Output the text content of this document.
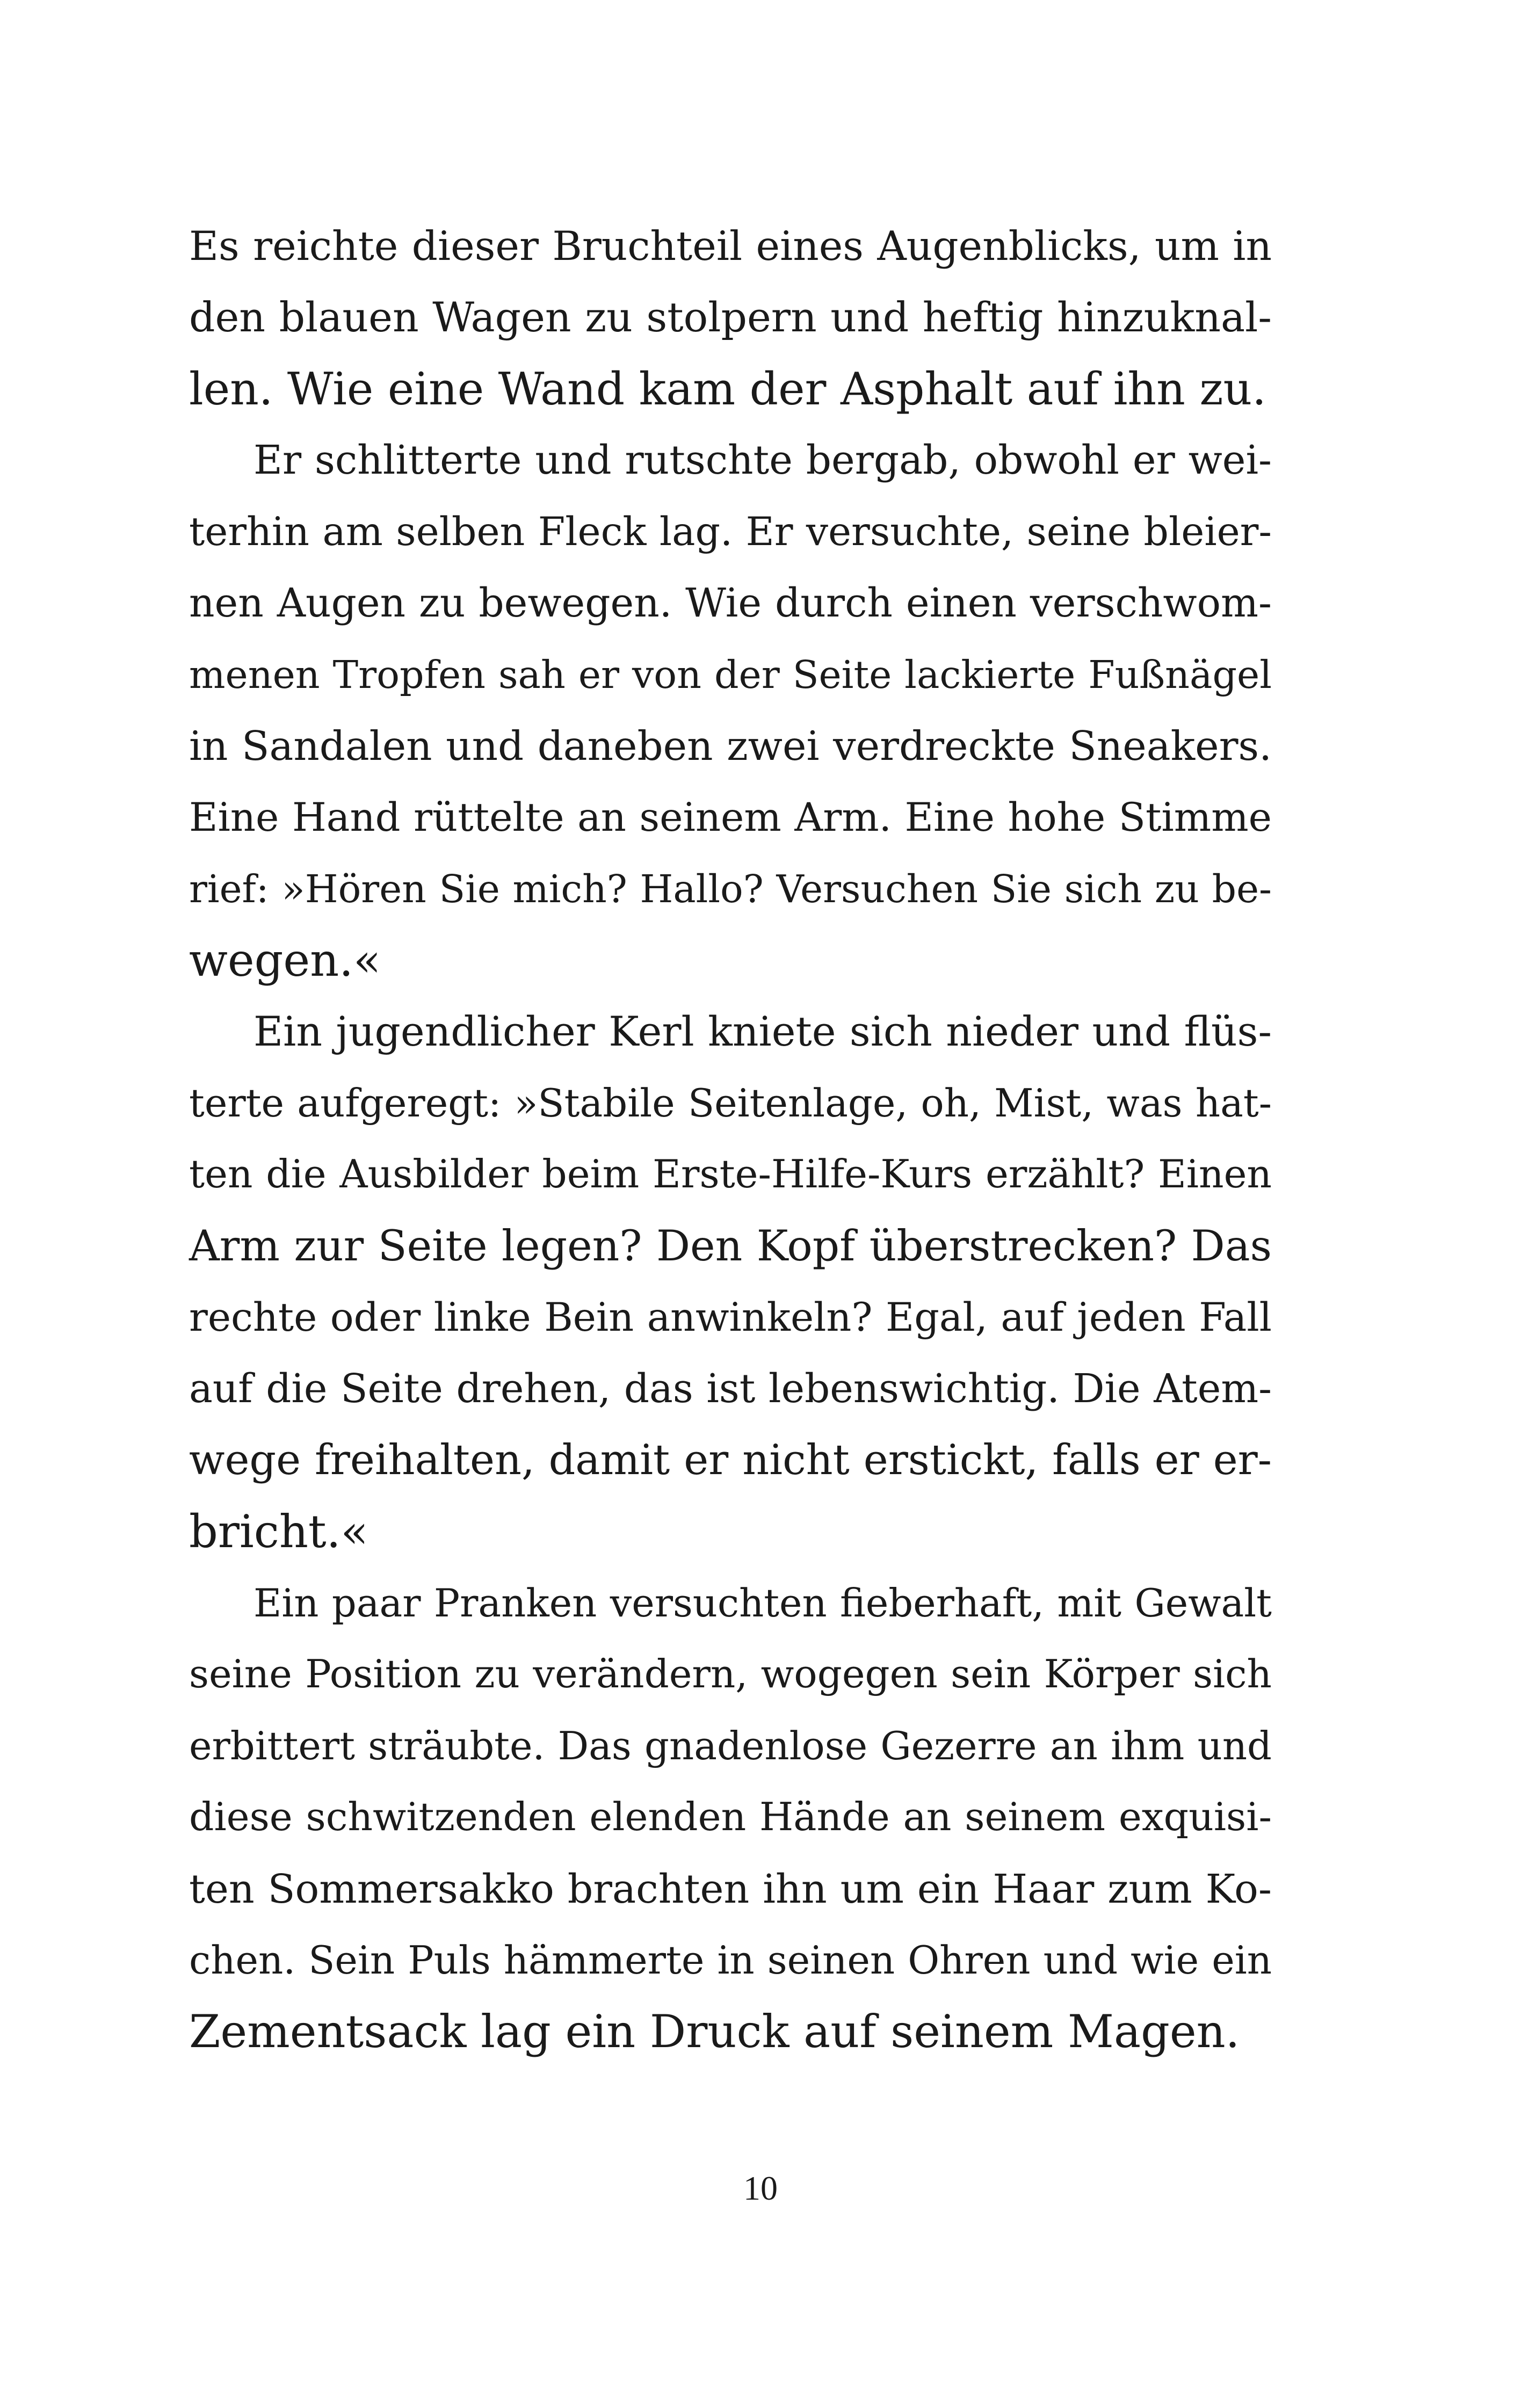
Es reichte dieser Bruchteil eines Augenblicks, um in
den blauen Wagen zu stolpern und heftig hinzuknal-
len. Wie eine Wand kam der Asphalt auf ihn zu.
Er schlitterte und rutschte bergab, obwohl er wei-
terhin am selben Fleck lag. Er versuchte, seine bleier-
nen Augen zu bewegen. Wie durch einen verschwom-
menen Tropfen sah er von der Seite lackierte Fußnägel
in Sandalen und daneben zwei verdreckte Sneakers.
Eine Hand rüttelte an seinem Arm. Eine hohe Stimme
rief: »Hören Sie mich? Hallo? Versuchen Sie sich zu be-
wegen.«
Ein jugendlicher Kerl kniete sich nieder und flüs-
terte aufgeregt: »Stabile Seitenlage, oh, Mist, was hat-
ten die Ausbilder beim Erste-Hilfe-Kurs erzählt? Einen
Arm zur Seite legen? Den Kopf überstrecken? Das
rechte oder linke Bein anwinkeln? Egal, auf jeden Fall
auf die Seite drehen, das ist lebenswichtig. Die Atem-
wege freihalten, damit er nicht erstickt, falls er er-
bricht.«
Ein paar Pranken versuchten fieberhaft, mit Gewalt
seine Position zu verändern, wogegen sein Körper sich
erbittert sträubte. Das gnadenlose Gezerre an ihm und
diese schwitzenden elenden Hände an seinem exquisi-
ten Sommersakko brachten ihn um ein Haar zum Ko-
chen. Sein Puls hämmerte in seinen Ohren und wie ein
Zementsack lag ein Druck auf seinem Magen.
10
